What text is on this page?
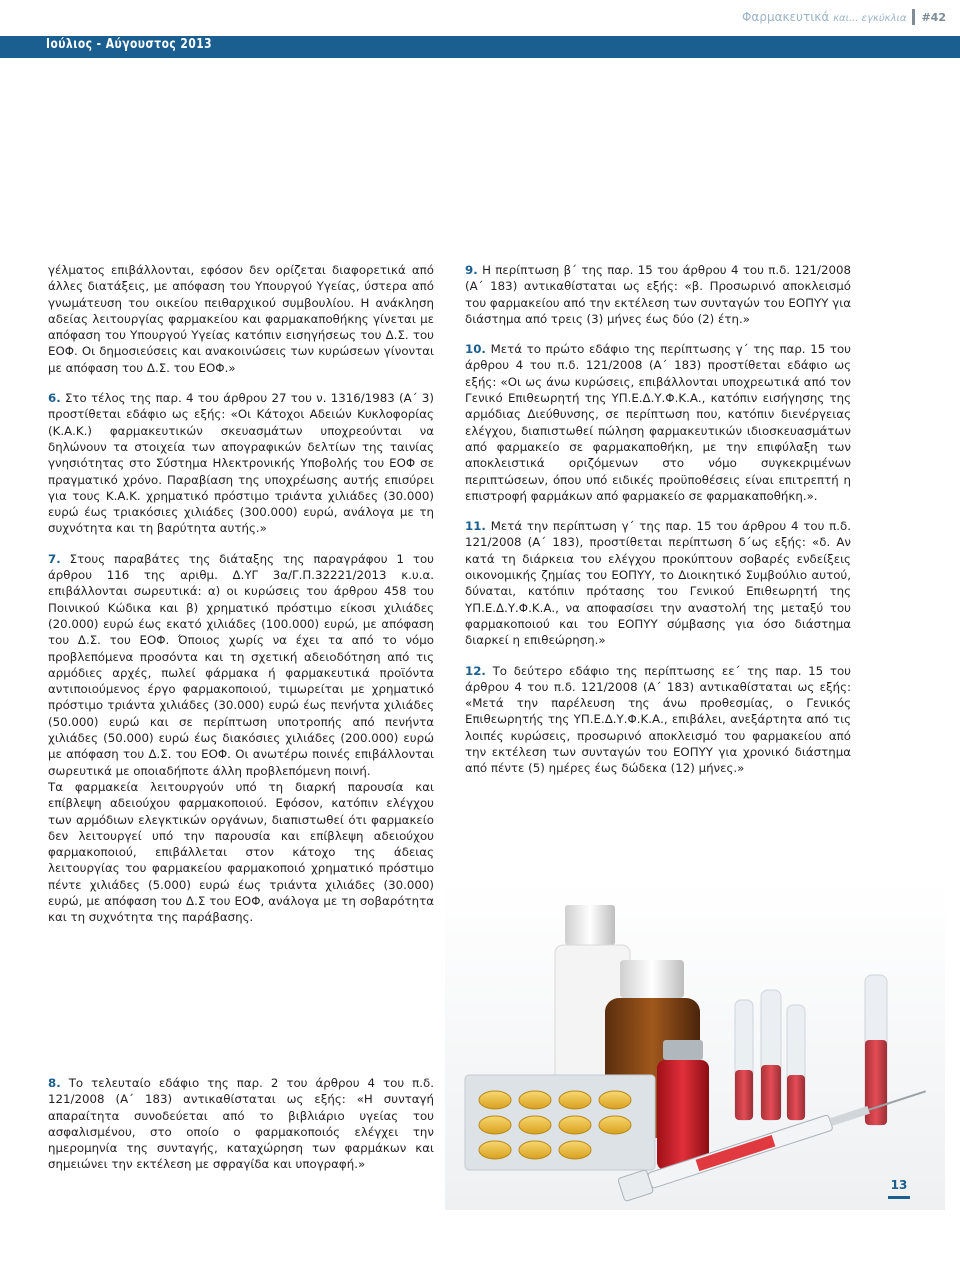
Φαρμακευτικά και... εγκύκλια #42
Ιούλιος - Αύγουστος 2013

γέλματος επιβάλλονται, εφόσον δεν ορίζεται διαφορετικά από άλλες διατάξεις, με απόφαση του Υπουργού Υγείας, ύστερα από γνωμάτευση του οικείου πειθαρχικού συμβουλίου. Η ανάκληση αδείας λειτουργίας φαρμακείου και φαρμακαποθήκης γίνεται με απόφαση του Υπουργού Υγείας κατόπιν εισηγήσεως του Δ.Σ. του ΕΟΦ. Οι δημοσιεύσεις και ανακοινώσεις των κυρώσεων γίνονται με απόφαση του Δ.Σ. του ΕΟΦ.»

6. Στο τέλος της παρ. 4 του άρθρου 27 του ν. 1316/1983 (Α΄ 3) προστίθεται εδάφιο ως εξής: «Οι Κάτοχοι Αδειών Κυκλοφορίας (Κ.Α.Κ.) φαρμακευτικών σκευασμάτων υποχρεούνται να δηλώνουν τα στοιχεία των απογραφικών δελτίων της ταινίας γνησιότητας στο Σύστημα Ηλεκτρονικής Υποβολής του ΕΟΦ σε πραγματικό χρόνο. Παραβίαση της υποχρέωσης αυτής επισύρει για τους Κ.Α.Κ. χρηματικό πρόστιμο τριάντα χιλιάδες (30.000) ευρώ έως τριακόσιες χιλιάδες (300.000) ευρώ, ανάλογα με τη συχνότητα και τη βαρύτητα αυτής.»

7. Στους παραβάτες της διάταξης της παραγράφου 1 του άρθρου 116 της αριθμ. Δ.ΥΓ 3α/Γ.Π.32221/2013 κ.υ.α. επιβάλλονται σωρευτικά: α) οι κυρώσεις του άρθρου 458 του Ποινικού Κώδικα και β) χρηματικό πρόστιμο είκοσι χιλιάδες (20.000) ευρώ έως εκατό χιλιάδες (100.000) ευρώ, με απόφαση του Δ.Σ. του ΕΟΦ. Όποιος χωρίς να έχει τα από το νόμο προβλεπόμενα προσόντα και τη σχετική αδειοδότηση από τις αρμόδιες αρχές, πωλεί φάρμακα ή φαρμακευτικά προϊόντα αντιποιούμενος έργο φαρμακοποιού, τιμωρείται με χρηματικό πρόστιμο τριάντα χιλιάδες (30.000) ευρώ έως πενήντα χιλιάδες (50.000) ευρώ και σε περίπτωση υποτροπής από πενήντα χιλιάδες (50.000) ευρώ έως διακόσιες χιλιάδες (200.000) ευρώ με απόφαση του Δ.Σ. του ΕΟΦ. Οι ανωτέρω ποινές επιβάλλονται σωρευτικά με οποιαδήποτε άλλη προβλεπόμενη ποινή.

Τα φαρμακεία λειτουργούν υπό τη διαρκή παρουσία και επίβλεψη αδειούχου φαρμακοποιού. Εφόσον, κατόπιν ελέγχου των αρμόδιων ελεγκτικών οργάνων, διαπιστωθεί ότι φαρμακείο δεν λειτουργεί υπό την παρουσία και επίβλεψη αδειούχου φαρμακοποιού, επιβάλλεται στον κάτοχο της άδειας λειτουργίας του φαρμακείου φαρμακοποιό χρηματικό πρόστιμο πέντε χιλιάδες (5.000) ευρώ έως τριάντα χιλιάδες (30.000) ευρώ, με απόφαση του Δ.Σ του ΕΟΦ, ανάλογα με τη σοβαρότητα και τη συχνότητα της παράβασης.

8. Το τελευταίο εδάφιο της παρ. 2 του άρθρου 4 του π.δ. 121/2008 (Α΄ 183) αντικαθίσταται ως εξής: «Η συνταγή απαραίτητα συνοδεύεται από το βιβλιάριο υγείας του ασφαλισμένου, στο οποίο ο φαρμακοποιός ελέγχει την ημερομηνία της συνταγής, καταχώρηση των φαρμάκων και σημειώνει την εκτέλεση με σφραγίδα και υπογραφή.»

9. Η περίπτωση β΄ της παρ. 15 του άρθρου 4 του π.δ. 121/2008 (Α΄ 183) αντικαθίσταται ως εξής: «β. Προσωρινό αποκλεισμό του φαρμακείου από την εκτέλεση των συνταγών του ΕΟΠΥΥ για διάστημα από τρεις (3) μήνες έως δύο (2) έτη.»

10. Μετά το πρώτο εδάφιο της περίπτωσης γ΄ της παρ. 15 του άρθρου 4 του π.δ. 121/2008 (Α΄ 183) προστίθεται εδάφιο ως εξής: «Οι ως άνω κυρώσεις, επιβάλλονται υποχρεωτικά από τον Γενικό Επιθεωρητή της ΥΠ.Ε.Δ.Υ.Φ.Κ.Α., κατόπιν εισήγησης της αρμόδιας Διεύθυνσης, σε περίπτωση που, κατόπιν διενέργειας ελέγχου, διαπιστωθεί πώληση φαρμακευτικών ιδιοσκευασμάτων από φαρμακείο σε φαρμακαποθήκη, με την επιφύλαξη των αποκλειστικά οριζόμενων στο νόμο συγκεκριμένων περιπτώσεων, όπου υπό ειδικές προϋποθέσεις είναι επιτρεπτή η επιστροφή φαρμάκων από φαρμακείο σε φαρμακαποθήκη.».

11. Μετά την περίπτωση γ΄ της παρ. 15 του άρθρου 4 του π.δ. 121/2008 (Α΄ 183), προστίθεται περίπτωση δ΄ως εξής: «δ. Αν κατά τη διάρκεια του ελέγχου προκύπτουν σοβαρές ενδείξεις οικονομικής ζημίας του ΕΟΠΥΥ, το Διοικητικό Συμβούλιο αυτού, δύναται, κατόπιν πρότασης του Γενικού Επιθεωρητή της ΥΠ.Ε.Δ.Υ.Φ.Κ.Α., να αποφασίσει την αναστολή της μεταξύ του φαρμακοποιού και του ΕΟΠΥΥ σύμβασης για όσο διάστημα διαρκεί η επιθεώρηση.»

12. Το δεύτερο εδάφιο της περίπτωσης εε΄ της παρ. 15 του άρθρου 4 του π.δ. 121/2008 (Α΄ 183) αντικαθίσταται ως εξής: «Μετά την παρέλευση της άνω προθεσμίας, ο Γενικός Επιθεωρητής της ΥΠ.Ε.Δ.Υ.Φ.Κ.Α., επιβάλει, ανεξάρτητα από τις λοιπές κυρώσεις, προσωρινό αποκλεισμό του φαρμακείου από την εκτέλεση των συνταγών του ΕΟΠΥΥ για χρονικό διάστημα από πέντε (5) ημέρες έως δώδεκα (12) μήνες.»

13
